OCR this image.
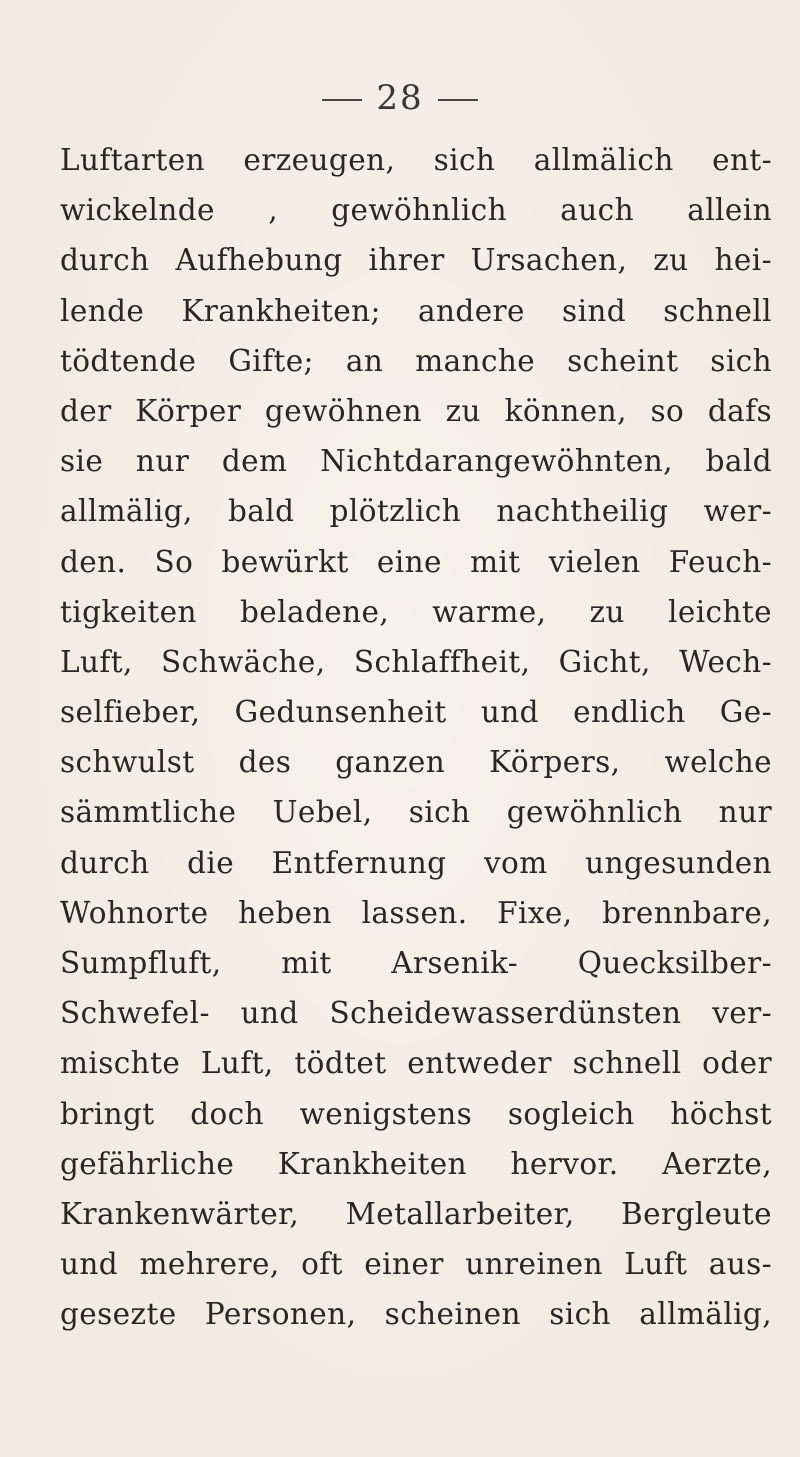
28
Luftarten erzeugen, sich allmälich ent-
wickelnde , gewöhnlich auch allein
durch Aufhebung ihrer Ursachen, zu hei-
lende Krankheiten; andere sind schnell
tödtende Gifte; an manche scheint sich
der Körper gewöhnen zu können, so dafs
sie nur dem Nichtdarangewöhnten, bald
allmälig, bald plötzlich nachtheilig wer-
den. So bewürkt eine mit vielen Feuch-
tigkeiten beladene, warme, zu leichte
Luft, Schwäche, Schlaffheit, Gicht, Wech-
selfieber, Gedunsenheit und endlich Ge-
schwulst des ganzen Körpers, welche
sämmtliche Uebel, sich gewöhnlich nur
durch die Entfernung vom ungesunden
Wohnorte heben lassen. Fixe, brennbare,
Sumpfluft, mit Arsenik- Quecksilber-
Schwefel- und Scheidewasserdünsten ver-
mischte Luft, tödtet entweder schnell oder
bringt doch wenigstens sogleich höchst
gefährliche Krankheiten hervor. Aerzte,
Krankenwärter, Metallarbeiter, Bergleute
und mehrere, oft einer unreinen Luft aus-
gesezte Personen, scheinen sich allmälig,
